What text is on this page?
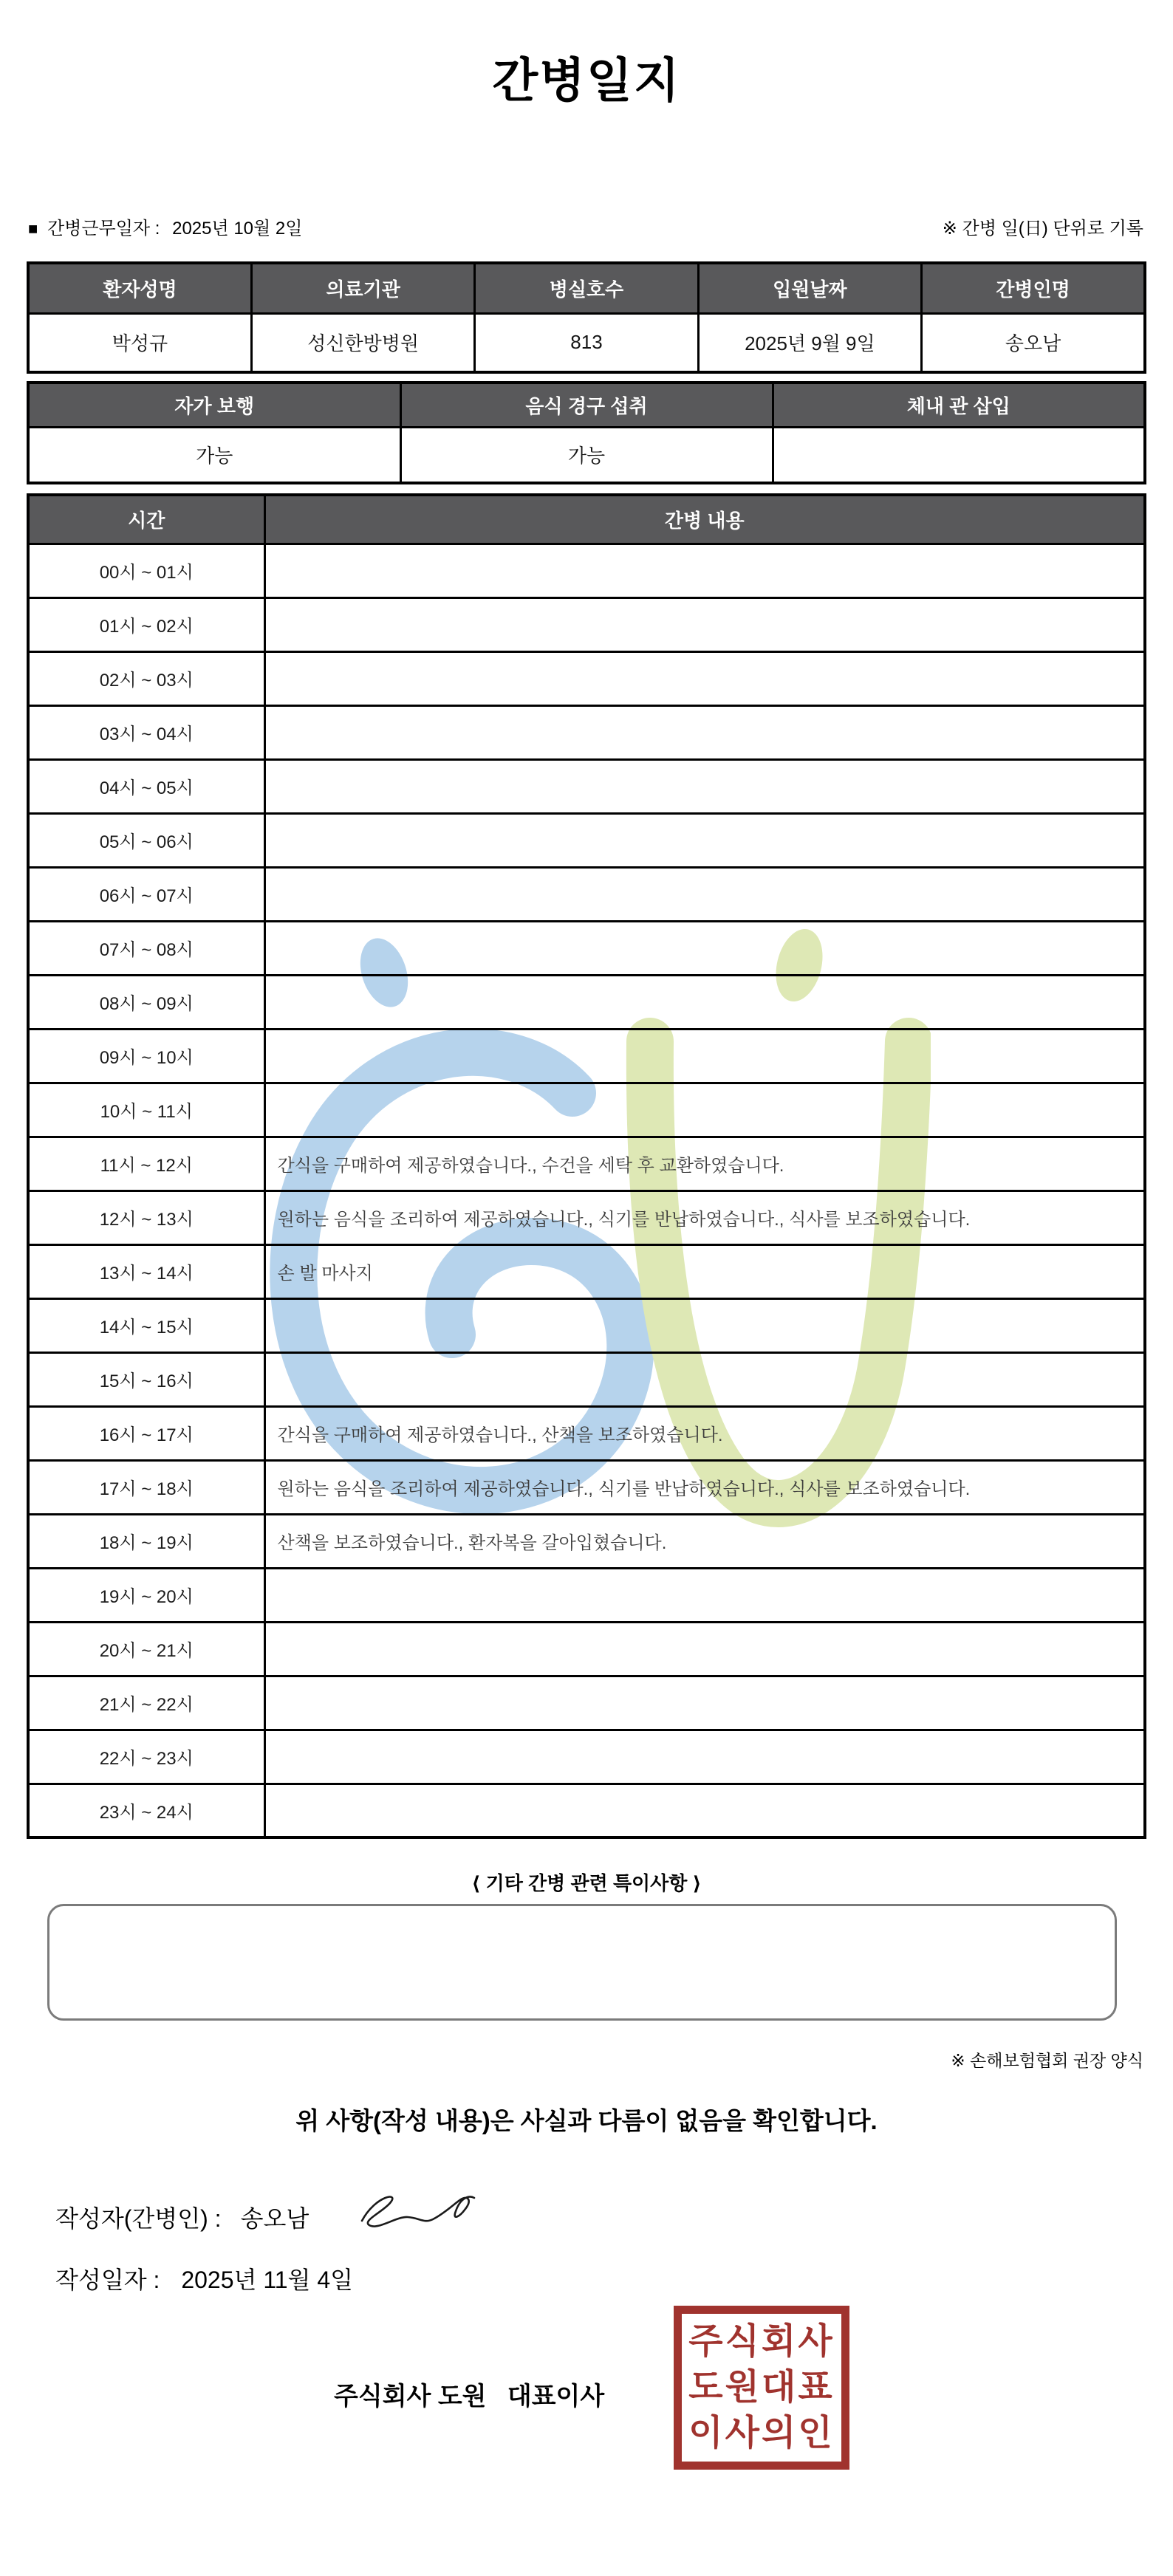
간병일지
■ 간병근무일자 : 2025년 10월 2일	※ 간병 일(日) 단위로 기록
환자성명	의료기관	병실호수	입원날짜	간병인명
박성규	성신한방병원	813	2025년 9월 9일	송오남
자가 보행	음식 경구 섭취	체내 관 삽입
가능	가능	
시간	간병 내용
00시 ~ 01시	
01시 ~ 02시	
02시 ~ 03시	
03시 ~ 04시	
04시 ~ 05시	
05시 ~ 06시	
06시 ~ 07시	
07시 ~ 08시	
08시 ~ 09시	
09시 ~ 10시	
10시 ~ 11시	
11시 ~ 12시	간식을 구매하여 제공하였습니다., 수건을 세탁 후 교환하였습니다.
12시 ~ 13시	원하는 음식을 조리하여 제공하였습니다., 식기를 반납하였습니다., 식사를 보조하였습니다.
13시 ~ 14시	손 발 마사지
14시 ~ 15시	
15시 ~ 16시	
16시 ~ 17시	간식을 구매하여 제공하였습니다., 산책을 보조하였습니다.
17시 ~ 18시	원하는 음식을 조리하여 제공하였습니다., 식기를 반납하였습니다., 식사를 보조하였습니다.
18시 ~ 19시	산책을 보조하였습니다., 환자복을 갈아입혔습니다.
19시 ~ 20시	
20시 ~ 21시	
21시 ~ 22시	
22시 ~ 23시	
23시 ~ 24시	
⟨ 기타 간병 관련 특이사항 ⟩
※ 손해보험협회 권장 양식
위 사항(작성 내용)은 사실과 다름이 없음을 확인합니다.
작성자(간병인) : 송오남
작성일자 : 2025년 11월 4일
주식회사 도원   대표이사
주식회사
도원대표
이사의인
